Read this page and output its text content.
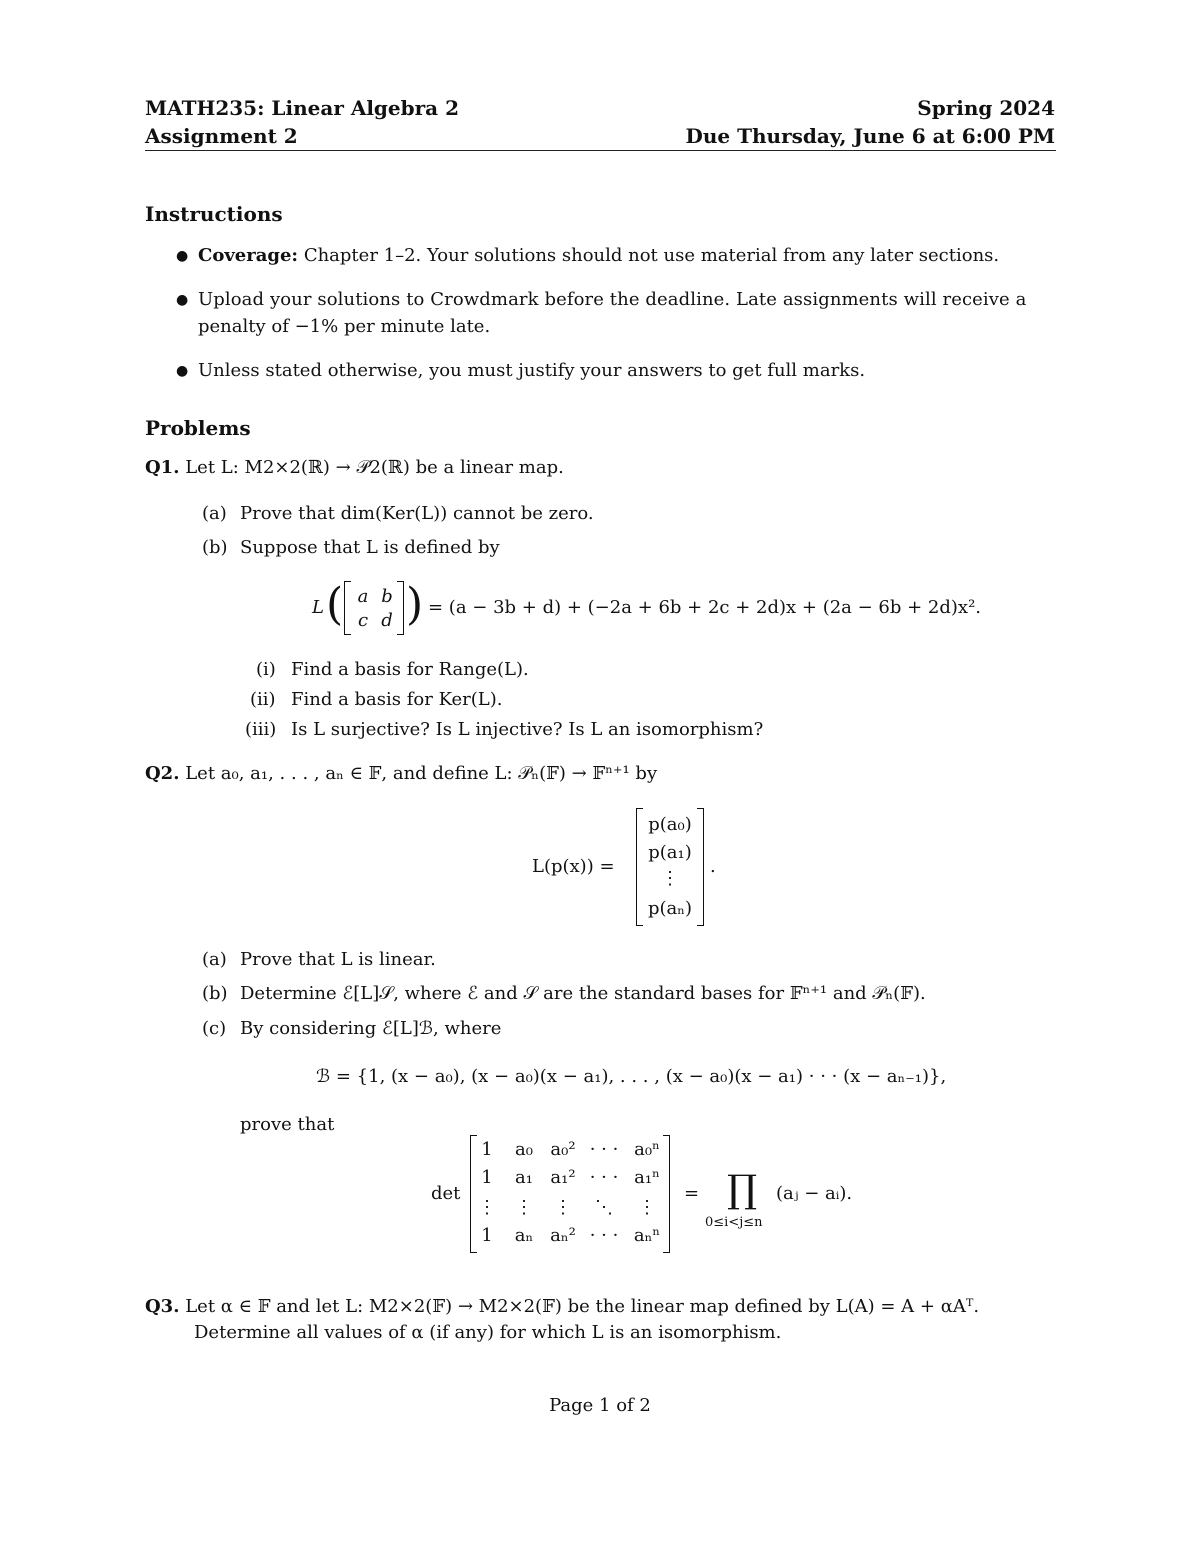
MATH235: Linear Algebra 2	Spring 2024
Assignment 2	Due Thursday, June 6 at 6:00 PM
Instructions
● Coverage: Chapter 1–2. Your solutions should not use material from any later sections.
● Upload your solutions to Crowdmark before the deadline. Late assignments will receive a
penalty of −1% per minute late.
● Unless stated otherwise, you must justify your answers to get full marks.
Problems
Q1. Let L: M2×2(ℝ) → 𝒫2(ℝ) be a linear map.
(a) Prove that dim(Ker(L)) cannot be zero.
(b) Suppose that L is defined by
L ( a b
c d ) = (a − 3b + d) + (−2a + 6b + 2c + 2d)x + (2a − 6b + 2d)x².
(i) Find a basis for Range(L).
(ii) Find a basis for Ker(L).
(iii) Is L surjective? Is L injective? Is L an isomorphism?
Q2. Let a₀, a₁, . . . , aₙ ∈ 𝔽, and define L: 𝒫ₙ(𝔽) → 𝔽ⁿ⁺¹ by
L(p(x)) =
p(a₀)
p(a₁)
⋮
p(aₙ)
.
(a) Prove that L is linear.
(b) Determine ℰ[L]𝒮, where ℰ and 𝒮 are the standard bases for 𝔽ⁿ⁺¹ and 𝒫ₙ(𝔽).
(c) By considering ℰ[L]ℬ, where
ℬ = {1, (x − a₀), (x − a₀)(x − a₁), . . . , (x − a₀)(x − a₁) · · · (x − aₙ₋₁)},
prove that
det
1 a₀ a₀² · · · a₀ⁿ
1 a₁ a₁² · · · a₁ⁿ
⋮ ⋮	⋮	⋱	⋮
1 aₙ aₙ² · · · aₙⁿ
= ∏
0≤i<j≤n
(aⱼ − aᵢ).
Q3. Let α ∈ 𝔽 and let L: M2×2(𝔽) → M2×2(𝔽) be the linear map defined by L(A) = A + αAᵀ.
Determine all values of α (if any) for which L is an isomorphism.
Page 1 of 2
